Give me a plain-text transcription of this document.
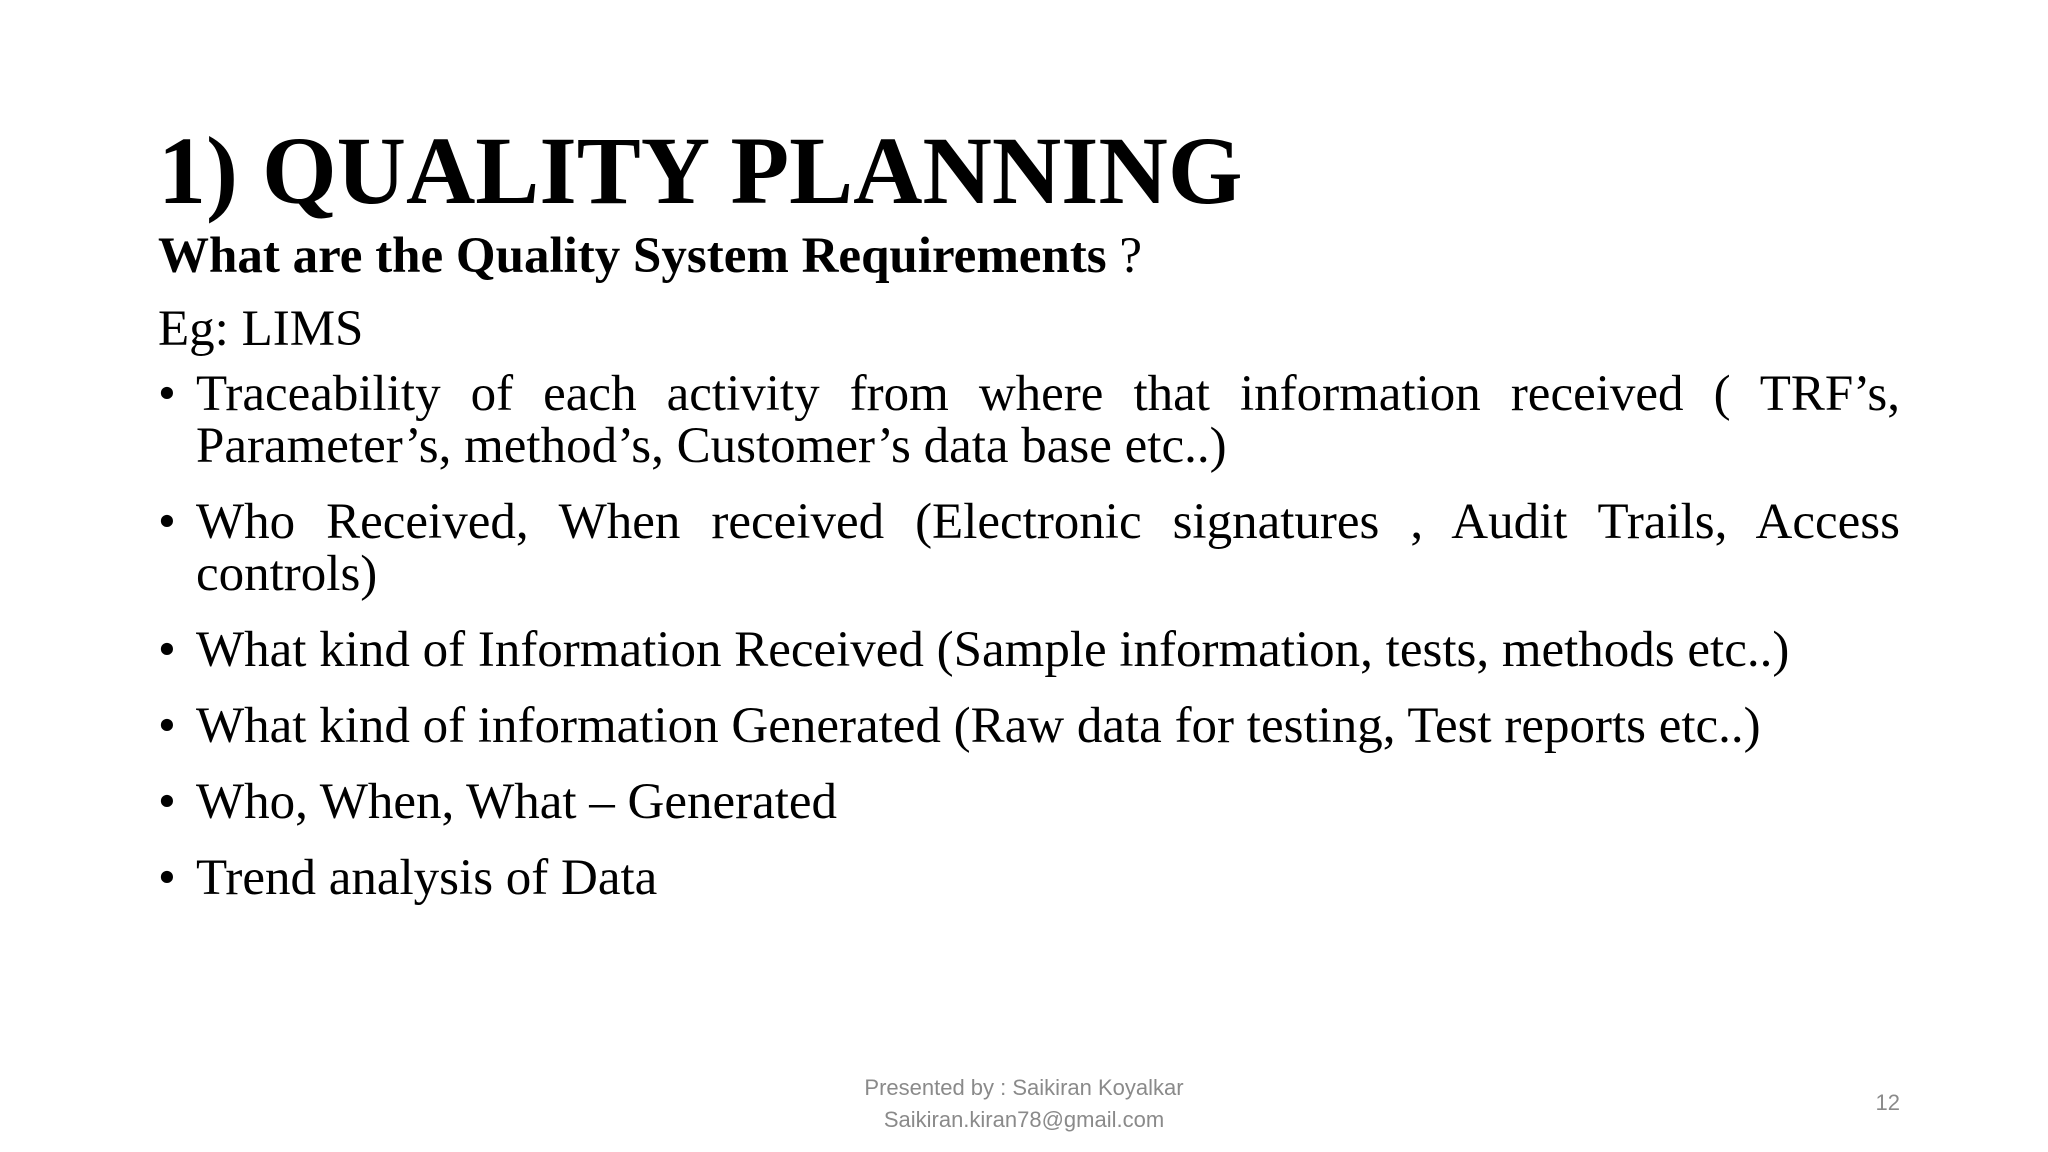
1) QUALITY PLANNING

What are the Quality System Requirements ?

Eg: LIMS

• Traceability of each activity from where that information received ( TRF’s, Parameter’s, method’s, Customer’s data base etc..)
• Who Received, When received (Electronic signatures , Audit Trails, Access controls)
• What kind of Information Received (Sample information, tests, methods etc..)
• What kind of information Generated (Raw data for testing, Test reports etc..)
• Who, When, What – Generated
• Trend analysis of Data
Presented by : Saikiran Koyalkar
Saikiran.kiran78@gmail.com
12
